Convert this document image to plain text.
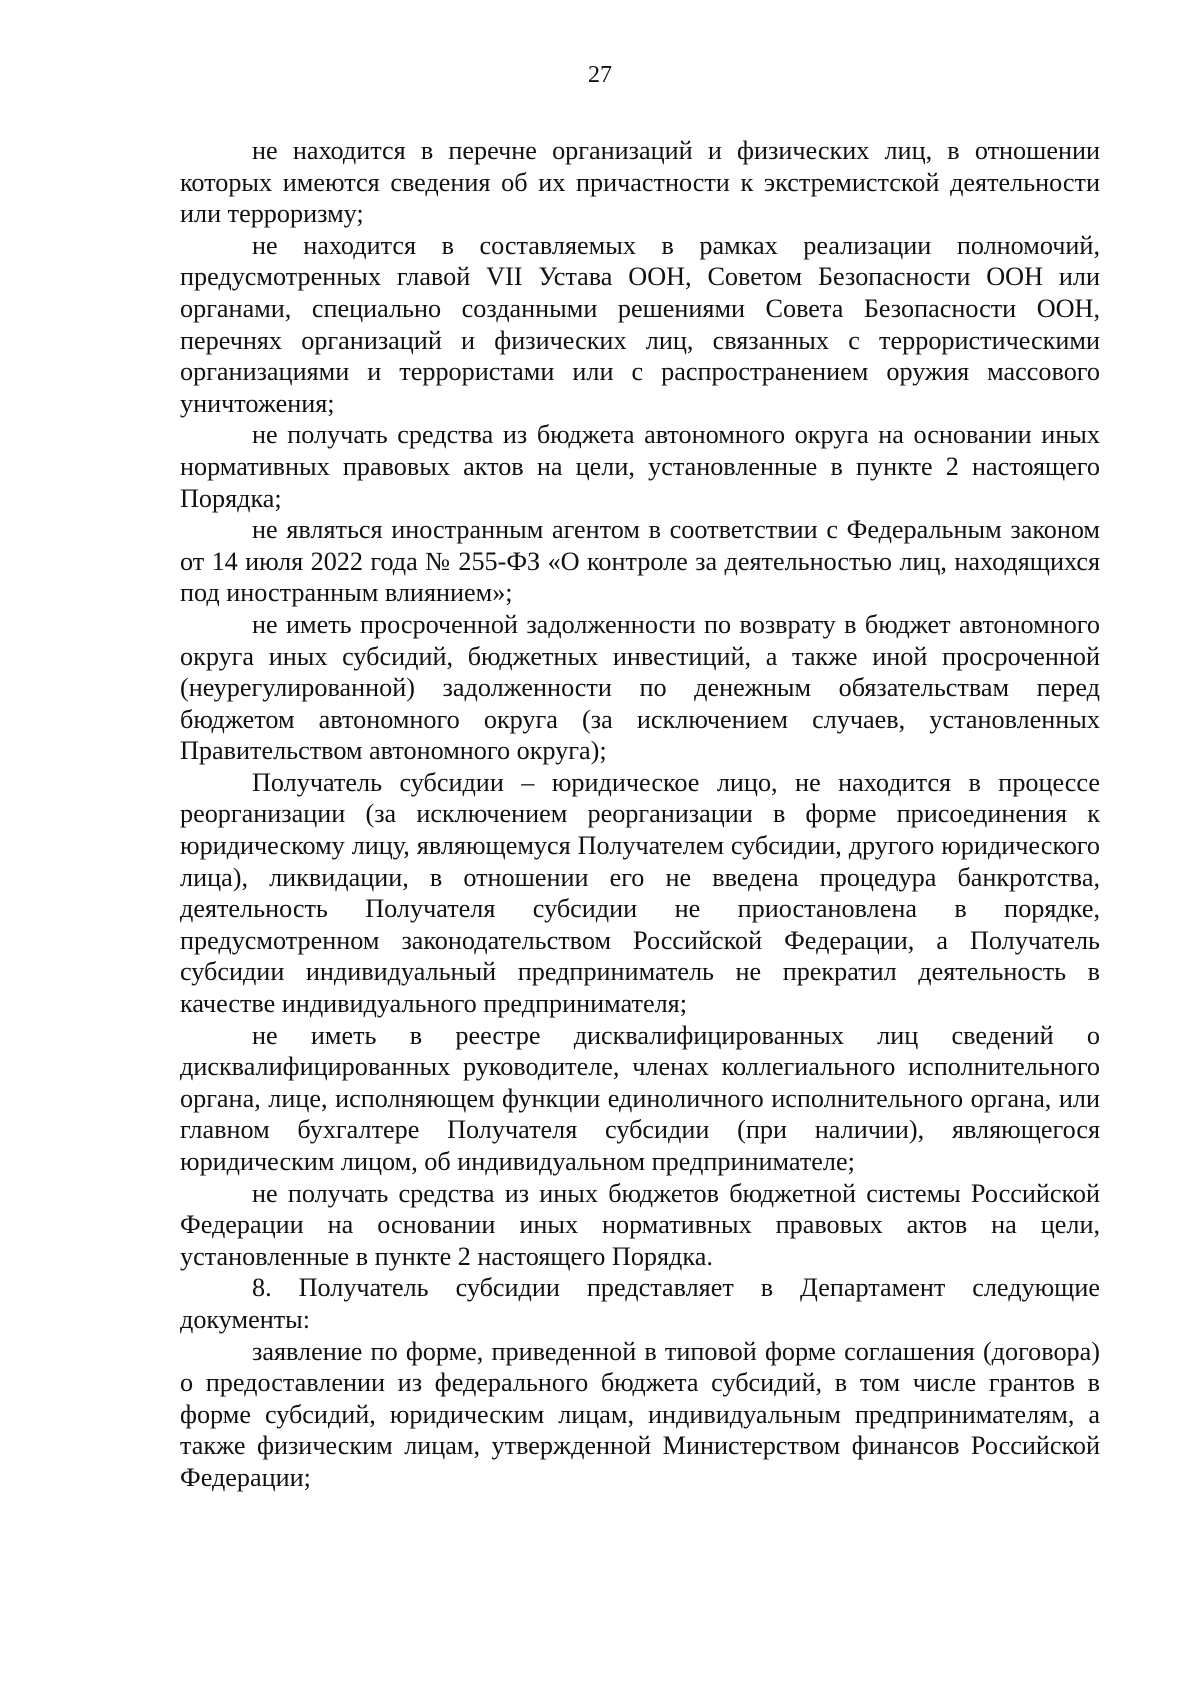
27

не находится в перечне организаций и физических лиц, в отношении которых имеются сведения об их причастности к экстремистской деятельности или терроризму;

не находится в составляемых в рамках реализации полномочий, предусмотренных главой VII Устава ООН, Советом Безопасности ООН или органами, специально созданными решениями Совета Безопасности ООН, перечнях организаций и физических лиц, связанных с террористическими организациями и террористами или с распространением оружия массового уничтожения;

не получать средства из бюджета автономного округа на основании иных нормативных правовых актов на цели, установленные в пункте 2 настоящего Порядка;

не являться иностранным агентом в соответствии с Федеральным законом от 14 июля 2022 года № 255-ФЗ «О контроле за деятельностью лиц, находящихся под иностранным влиянием»;

не иметь просроченной задолженности по возврату в бюджет автономного округа иных субсидий, бюджетных инвестиций, а также иной просроченной (неурегулированной) задолженности по денежным обязательствам перед бюджетом автономного округа (за исключением случаев, установленных Правительством автономного округа);

Получатель субсидии – юридическое лицо, не находится в процессе реорганизации (за исключением реорганизации в форме присоединения к юридическому лицу, являющемуся Получателем субсидии, другого юридического лица), ликвидации, в отношении его не введена процедура банкротства, деятельность Получателя субсидии не приостановлена в порядке, предусмотренном законодательством Российской Федерации, а Получатель субсидии индивидуальный предприниматель не прекратил деятельность в качестве индивидуального предпринимателя;

не иметь в реестре дисквалифицированных лиц сведений о дисквалифицированных руководителе, членах коллегиального исполнительного органа, лице, исполняющем функции единоличного исполнительного органа, или главном бухгалтере Получателя субсидии (при наличии), являющегося юридическим лицом, об индивидуальном предпринимателе;

не получать средства из иных бюджетов бюджетной системы Российской Федерации на основании иных нормативных правовых актов на цели, установленные в пункте 2 настоящего Порядка.

8. Получатель субсидии представляет в Департамент следующие документы:

заявление по форме, приведенной в типовой форме соглашения (договора) о предоставлении из федерального бюджета субсидий, в том числе грантов в форме субсидий, юридическим лицам, индивидуальным предпринимателям, а также физическим лицам, утвержденной Министерством финансов Российской Федерации;
